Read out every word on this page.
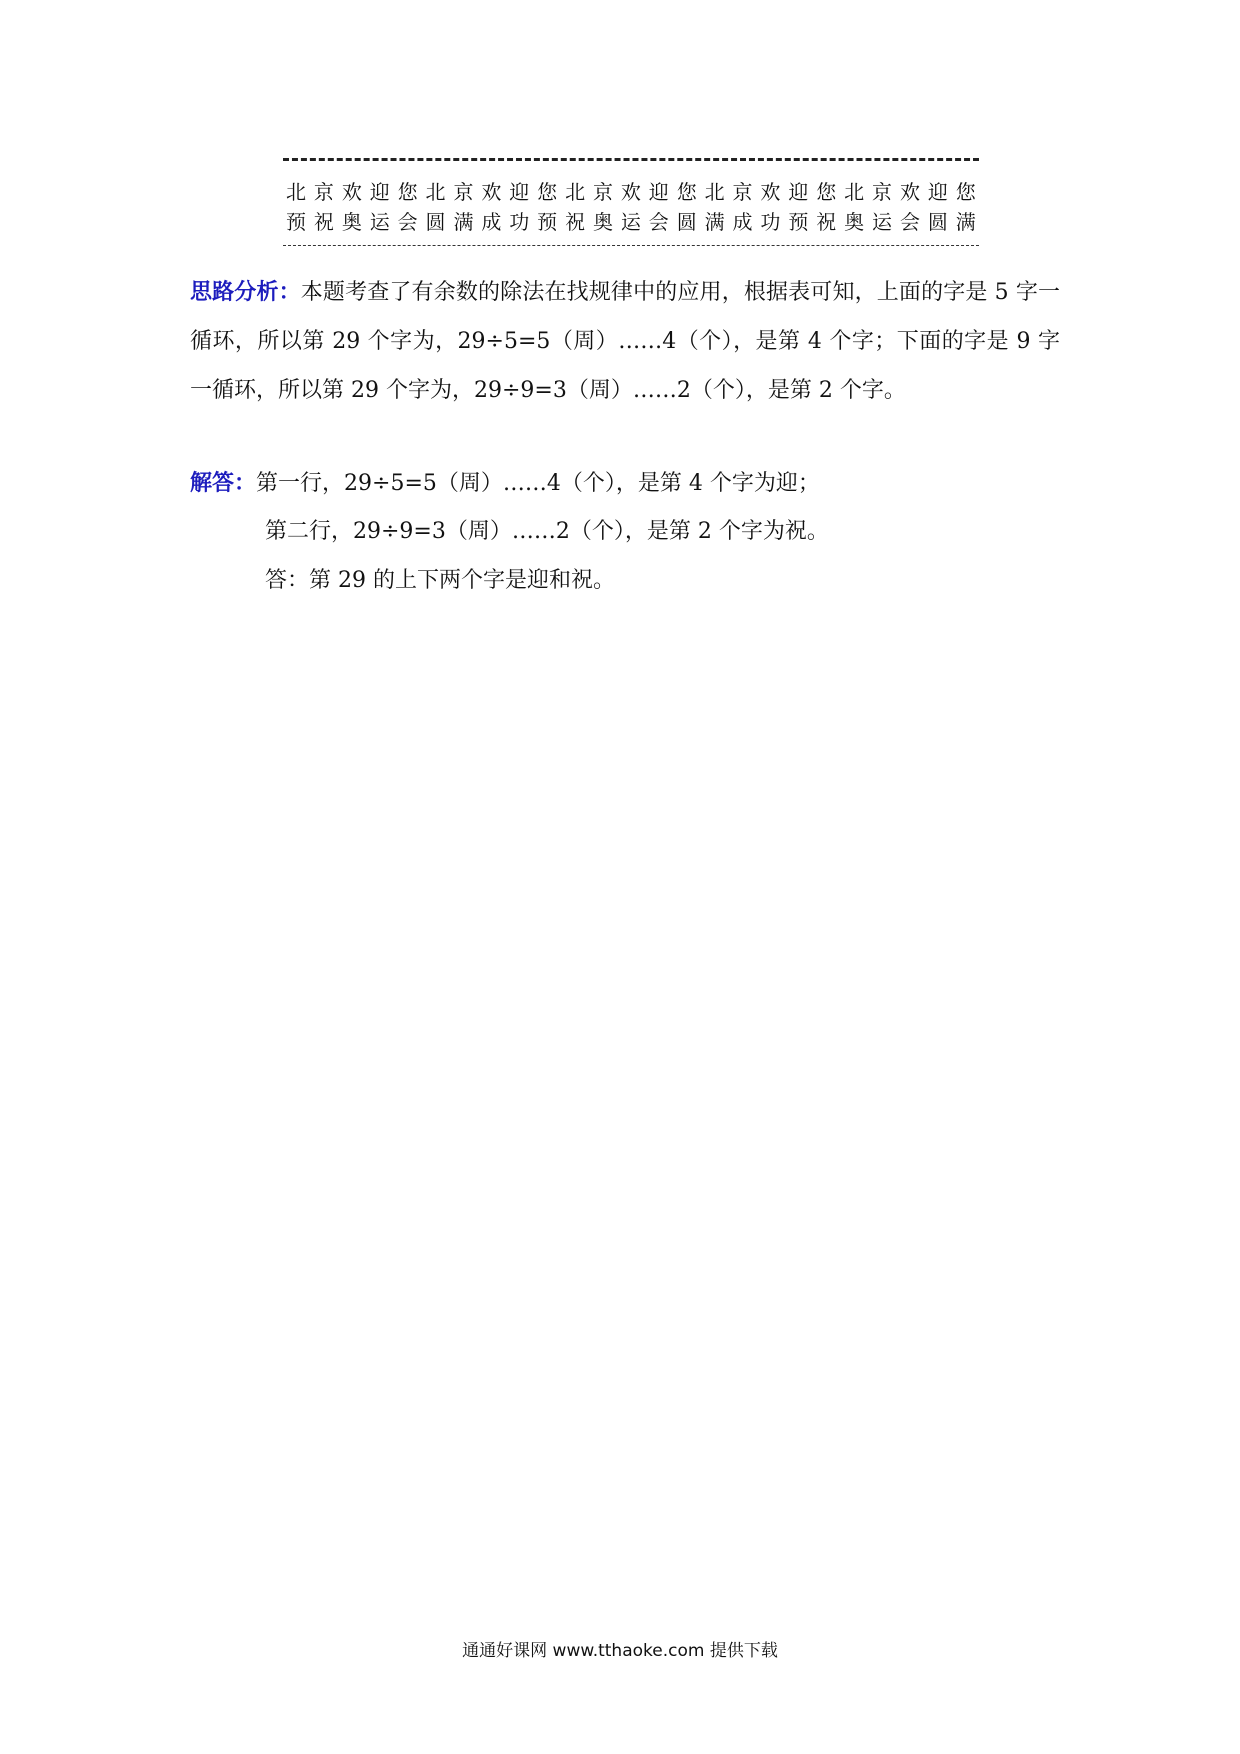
北 京 欢 迎 您 北 京 欢 迎 您 北 京 欢 迎 您 北 京 欢 迎 您 北 京 欢 迎 您
预 祝 奥 运 会 圆 满 成 功 预 祝 奥 运 会 圆 满 成 功 预 祝 奥 运 会 圆 满
思路分析：本题考查了有余数的除法在找规律中的应用，根据表可知，上面的字是 5 字一循环，所以第 29 个字为，29÷5=5（周）……4（个），是第 4 个字；下面的字是 9 字一循环，所以第 29 个字为，29÷9=3（周）……2（个），是第 2 个字。
解答：第一行，29÷5=5（周）……4（个），是第 4 个字为迎；
第二行，29÷9=3（周）……2（个），是第 2 个字为祝。
答：第 29 的上下两个字是迎和祝。
通通好课网 www.tthaoke.com 提供下载
